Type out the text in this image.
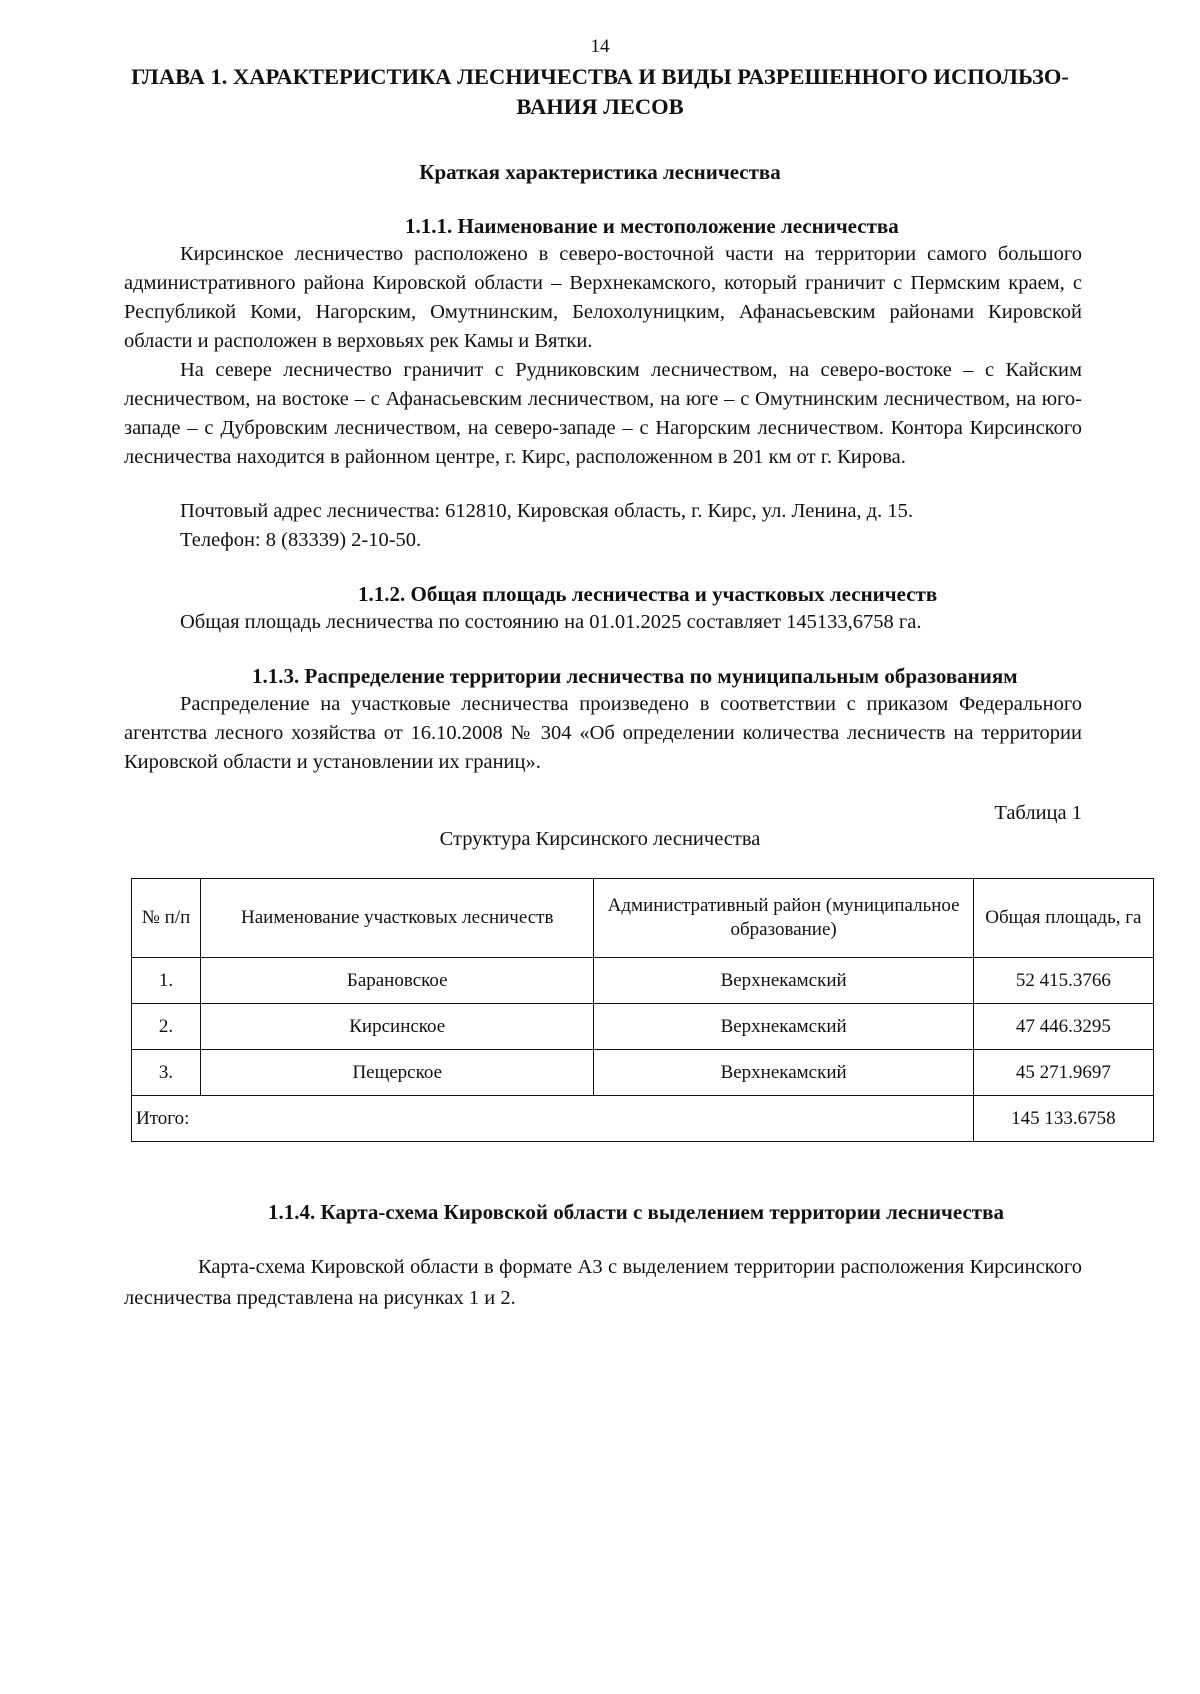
14
ГЛАВА 1. ХАРАКТЕРИСТИКА ЛЕСНИЧЕСТВА И ВИДЫ РАЗРЕШЕННОГО ИСПОЛЬЗО-ВАНИЯ ЛЕСОВ
Краткая характеристика лесничества
1.1.1. Наименование и местоположение лесничества
Кирсинское лесничество расположено в северо-восточной части на территории самого большого административного района Кировской области – Верхнекамского, который граничит с Пермским краем, с Республикой Коми, Нагорским, Омутнинским, Белохолуницким, Афанасьевским районами Кировской области и расположен в верховьях рек Камы и Вятки.
На севере лесничество граничит с Рудниковским лесничеством, на северо-востоке – с Кайским лесничеством, на востоке – с Афанасьевским лесничеством, на юге – с Омутнинским лесничеством, на юго-западе – с Дубровским лесничеством, на северо-западе – с Нагорским лесничеством. Контора Кирсинского лесничества находится в районном центре, г. Кирс, расположенном в 201 км от г. Кирова.
Почтовый адрес лесничества: 612810, Кировская область, г. Кирс, ул. Ленина, д. 15.
Телефон: 8 (83339) 2-10-50.
1.1.2. Общая площадь лесничества и участковых лесничеств
Общая площадь лесничества по состоянию на 01.01.2025 составляет 145133,6758 га.
1.1.3. Распределение территории лесничества по муниципальным образованиям
Распределение на участковые лесничества произведено в соответствии с приказом Федерального агентства лесного хозяйства от 16.10.2008 № 304 «Об определении количества лесничеств на территории Кировской области и установлении их границ».
Таблица 1
Структура Кирсинского лесничества
№ п/п	Наименование участковых лесничеств	Административный район (муниципальное образование)	Общая площадь, га
1.	Барановское	Верхнекамский	52 415.3766
2.	Кирсинское	Верхнекамский	47 446.3295
3.	Пещерское	Верхнекамский	45 271.9697
Итого:			145 133.6758
1.1.4. Карта-схема Кировской области с выделением территории лесничества
Карта-схема Кировской области в формате А3 с выделением территории расположения Кирсинского лесничества представлена на рисунках 1 и 2.
